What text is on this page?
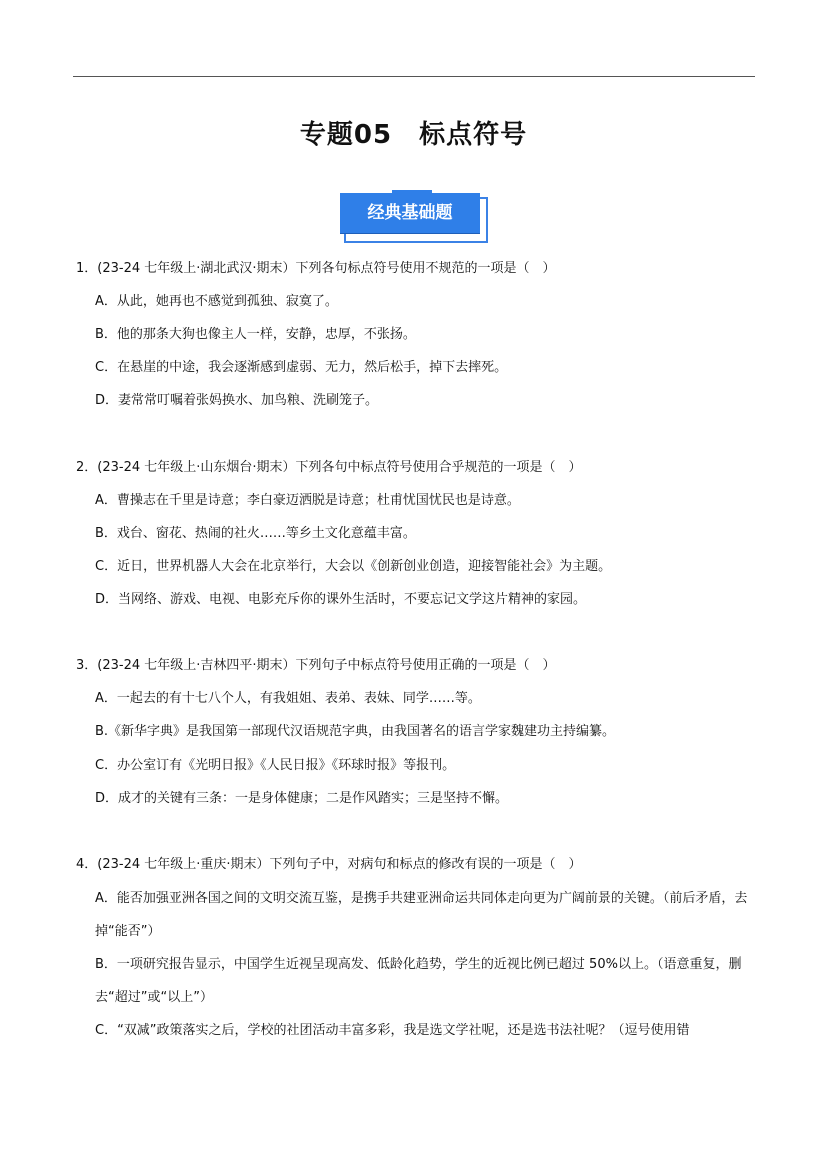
专题05　标点符号
经典基础题
1．(23-24 七年级上·湖北武汉·期末）下列各句标点符号使用不规范的一项是（　）
A．从此，她再也不感觉到孤独、寂寞了。
B．他的那条大狗也像主人一样，安静，忠厚，不张扬。
C．在悬崖的中途，我会逐渐感到虚弱、无力，然后松手，掉下去摔死。
D．妻常常叮嘱着张妈换水、加鸟粮、洗刷笼子。
2．(23-24 七年级上·山东烟台·期末）下列各句中标点符号使用合乎规范的一项是（　）
A．曹操志在千里是诗意；李白豪迈洒脱是诗意；杜甫忧国忧民也是诗意。
B．戏台、窗花、热闹的社火……等乡土文化意蕴丰富。
C．近日，世界机器人大会在北京举行，大会以《创新创业创造，迎接智能社会》为主题。
D．当网络、游戏、电视、电影充斥你的课外生活时，不要忘记文学这片精神的家园。
3．(23-24 七年级上·吉林四平·期末）下列句子中标点符号使用正确的一项是（　）
A．一起去的有十七八个人，有我姐姐、表弟、表妹、同学……等。
B.《新华字典》是我国第一部现代汉语规范字典，由我国著名的语言学家魏建功主持编纂。
C．办公室订有《光明日报》《人民日报》《环球时报》等报刊。
D．成才的关键有三条：一是身体健康；二是作风踏实；三是坚持不懈。
4．(23-24 七年级上·重庆·期末）下列句子中，对病句和标点的修改有误的一项是（　）
A．能否加强亚洲各国之间的文明交流互鉴，是携手共建亚洲命运共同体走向更为广阔前景的关键。（前后矛盾，去掉“能否”）
B．一项研究报告显示，中国学生近视呈现高发、低龄化趋势，学生的近视比例已超过 50%以上。（语意重复，删去“超过”或“以上”）
C．“双减”政策落实之后，学校的社团活动丰富多彩，我是选文学社呢，还是选书法社呢？（逗号使用错
